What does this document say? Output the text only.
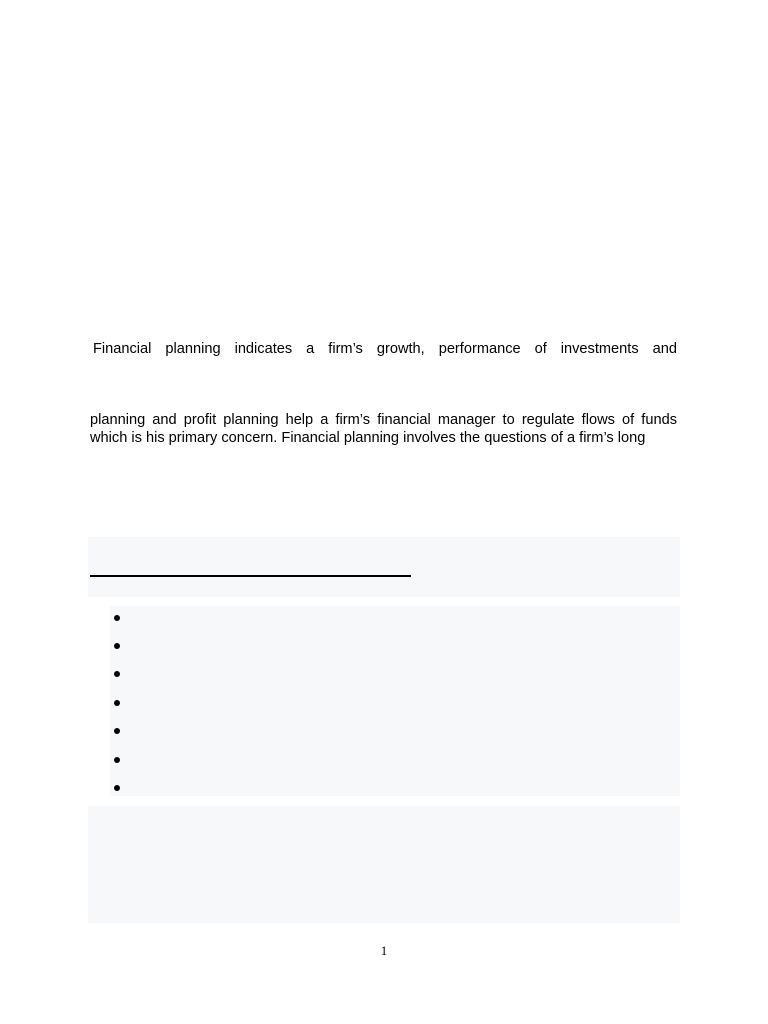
Financial planning indicates a firm’s growth, performance of investments and
planning and profit planning help a firm’s financial manager to regulate flows of funds
which is his primary concern. Financial planning involves the questions of a firm’s long
1
